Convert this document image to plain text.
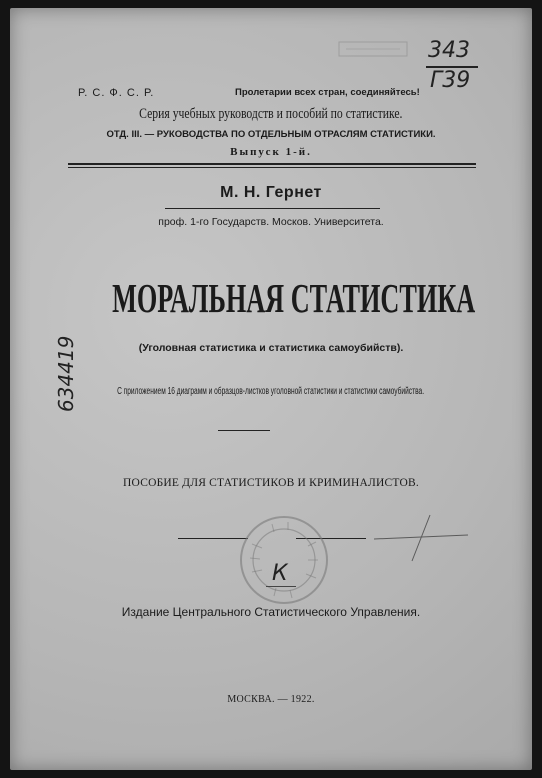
Р. С. Ф. С. Р.	Пролетарии всех стран, соединяйтесь!
Серия учебных руководств и пособий по статистике.
ОТД. III. — РУКОВОДСТВА ПО ОТДЕЛЬНЫМ ОТРАСЛЯМ СТАТИСТИКИ.
Выпуск 1-й.
М. Н. Гернет
проф. 1-го Государств. Москов. Университета.
МОРАЛЬНАЯ СТАТИСТИКА
(Уголовная статистика и статистика самоубийств).
С приложением 16 диаграмм и образцов-листков уголовной статистики и статистики самоубийства.
ПОСОБИЕ ДЛЯ СТАТИСТИКОВ И КРИМИНАЛИСТОВ.
К
Издание Центрального Статистического Управления.
МОСКВА. — 1922.
343
Г39
634419
